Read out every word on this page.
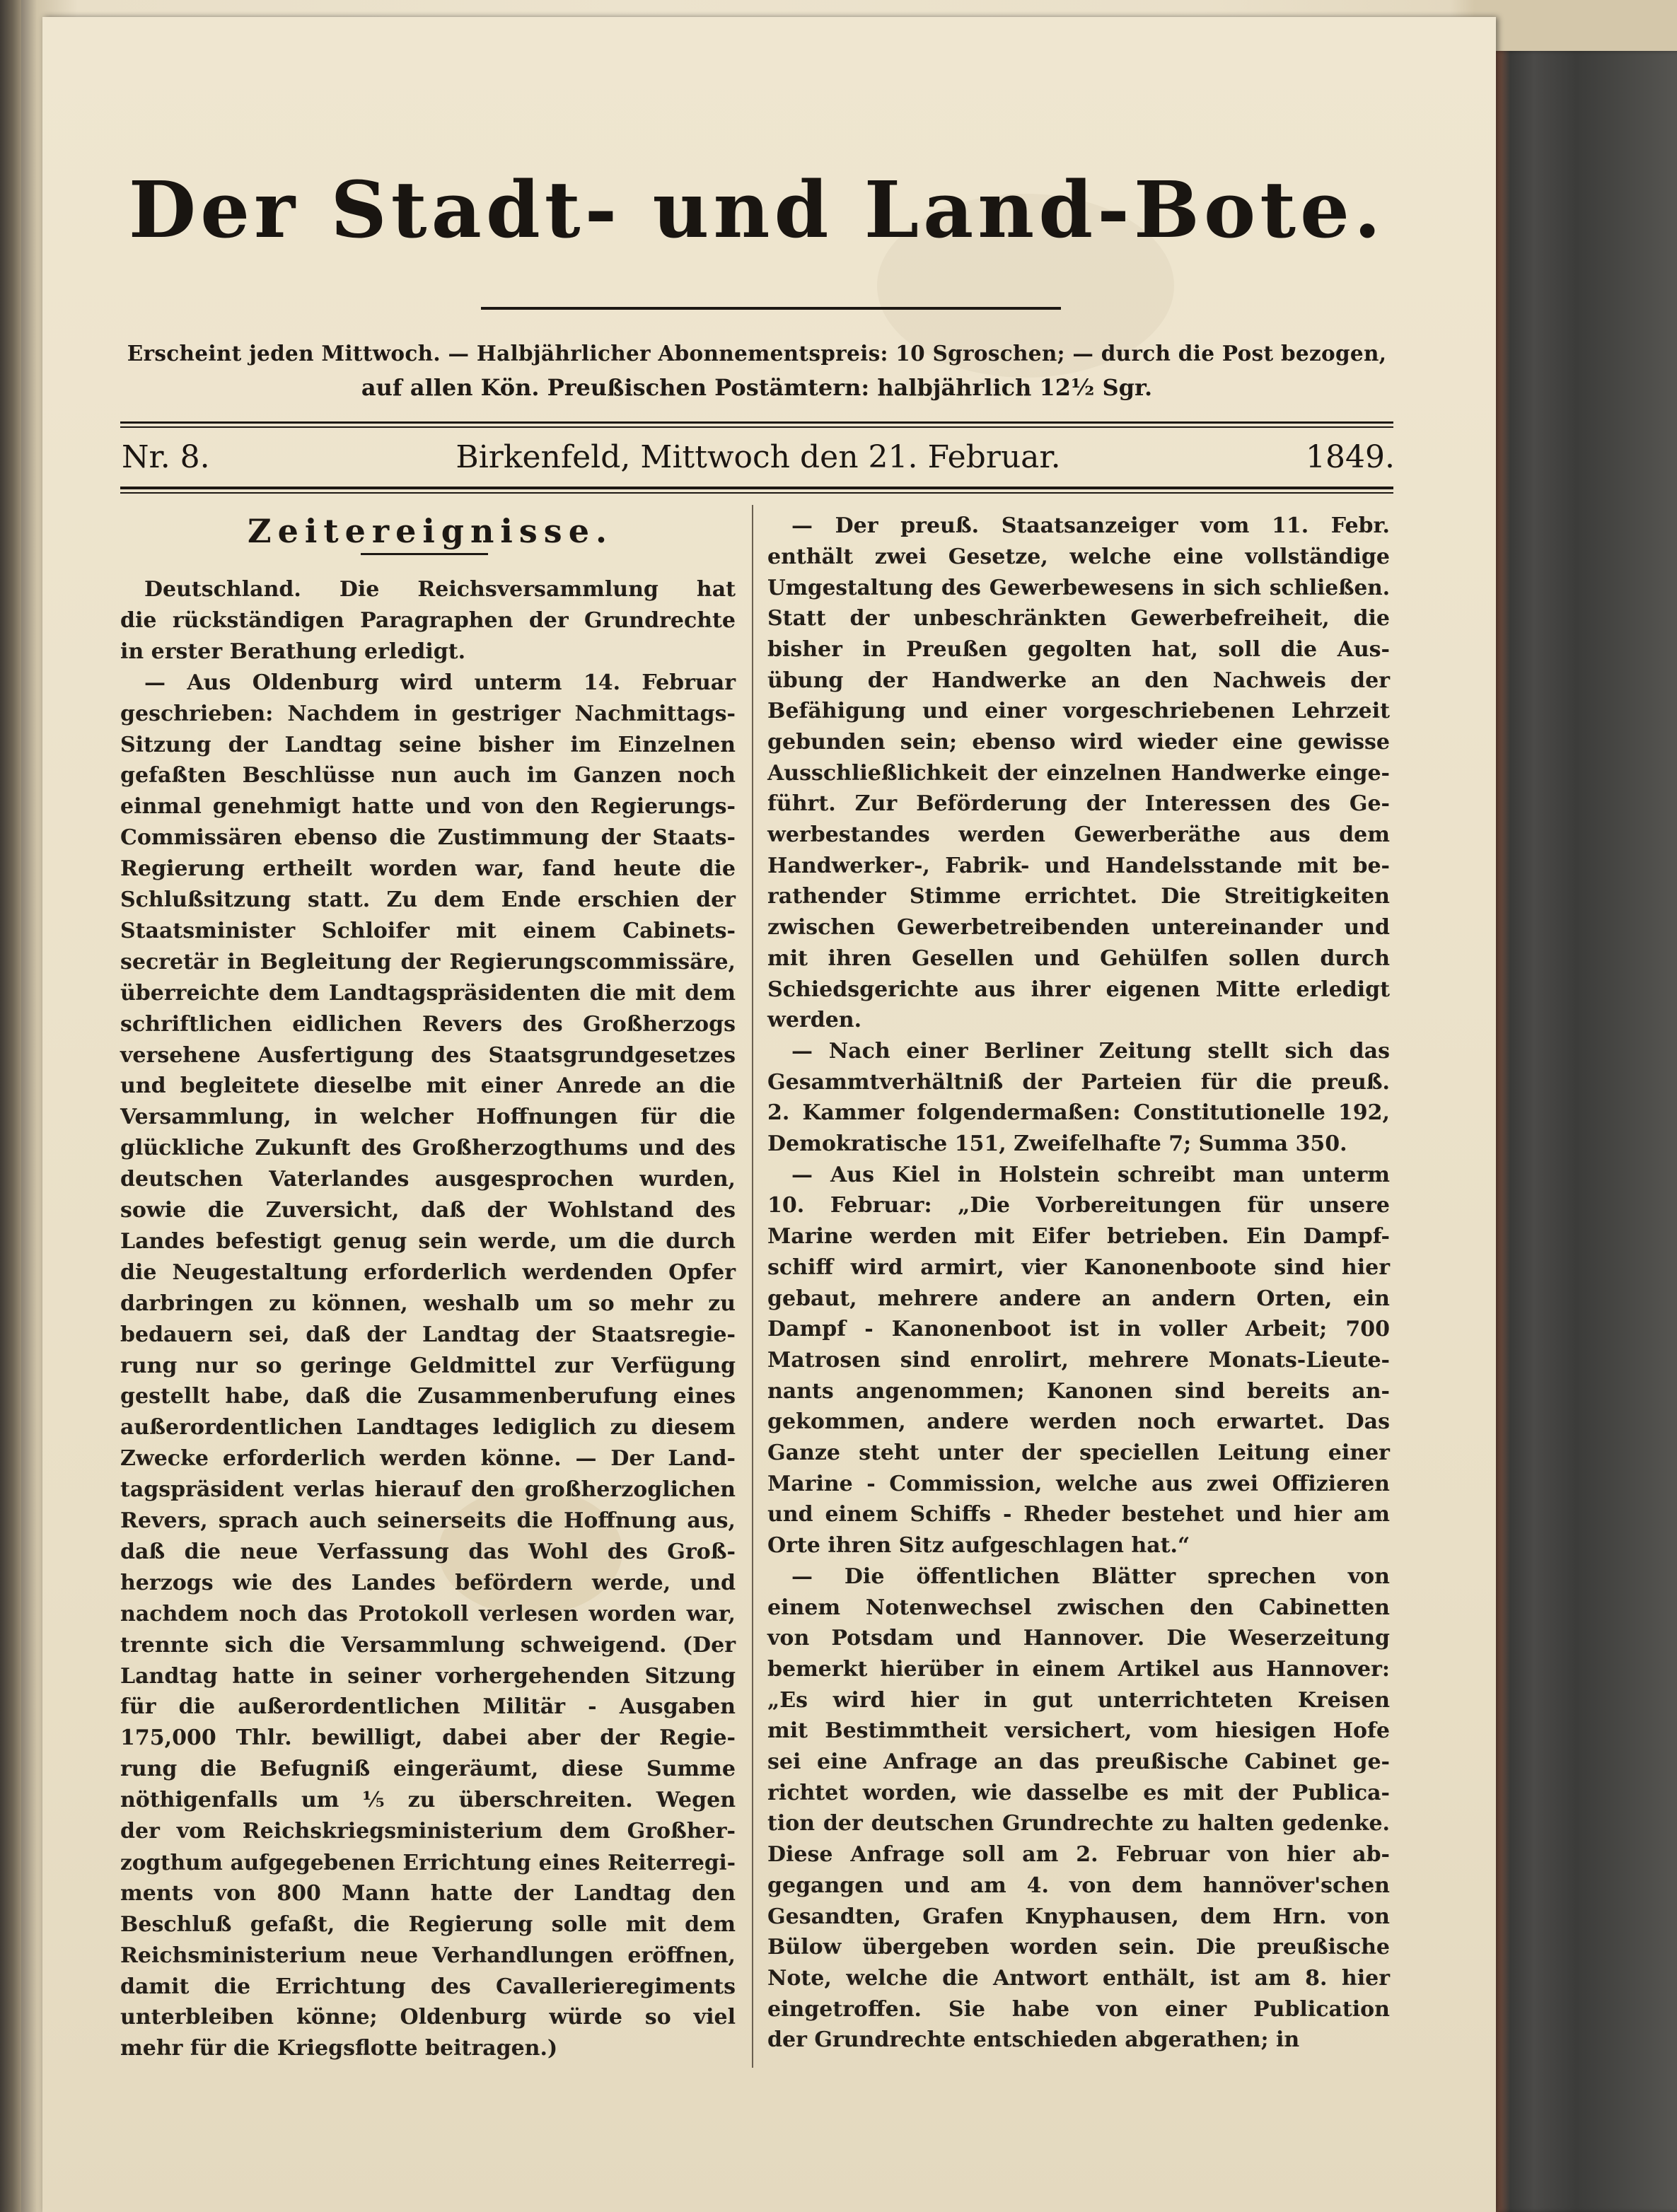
Der Stadt- und Land-Bote.
Erscheint jeden Mittwoch. — Halbjährlicher Abonnementspreis: 10 Sgroschen; — durch die Post bezogen,
auf allen Kön. Preußischen Postämtern: halbjährlich 12½ Sgr.
Nr. 8.	Birkenfeld, Mittwoch den 21. Februar.	1849.
Zeitereignisse.
Deutschland. Die Reichsversammlung hat
die rückständigen Paragraphen der Grundrechte
in erster Berathung erledigt.
— Aus Oldenburg wird unterm 14. Februar
geschrieben: Nachdem in gestriger Nachmittags-
Sitzung der Landtag seine bisher im Einzelnen
gefaßten Beschlüsse nun auch im Ganzen noch
einmal genehmigt hatte und von den Regierungs-
Commissären ebenso die Zustimmung der Staats-
Regierung ertheilt worden war, fand heute die
Schlußsitzung statt. Zu dem Ende erschien der
Staatsminister Schloifer mit einem Cabinets-
secretär in Begleitung der Regierungscommissäre,
überreichte dem Landtagspräsidenten die mit dem
schriftlichen eidlichen Revers des Großherzogs
versehene Ausfertigung des Staatsgrundgesetzes
und begleitete dieselbe mit einer Anrede an die
Versammlung, in welcher Hoffnungen für die
glückliche Zukunft des Großherzogthums und des
deutschen Vaterlandes ausgesprochen wurden,
sowie die Zuversicht, daß der Wohlstand des
Landes befestigt genug sein werde, um die durch
die Neugestaltung erforderlich werdenden Opfer
darbringen zu können, weshalb um so mehr zu
bedauern sei, daß der Landtag der Staatsregie-
rung nur so geringe Geldmittel zur Verfügung
gestellt habe, daß die Zusammenberufung eines
außerordentlichen Landtages lediglich zu diesem
Zwecke erforderlich werden könne. — Der Land-
tagspräsident verlas hierauf den großherzoglichen
Revers, sprach auch seinerseits die Hoffnung aus,
daß die neue Verfassung das Wohl des Groß-
herzogs wie des Landes befördern werde, und
nachdem noch das Protokoll verlesen worden war,
trennte sich die Versammlung schweigend. (Der
Landtag hatte in seiner vorhergehenden Sitzung
für die außerordentlichen Militär - Ausgaben
175,000 Thlr. bewilligt, dabei aber der Regie-
rung die Befugniß eingeräumt, diese Summe
nöthigenfalls um ⅕ zu überschreiten. Wegen
der vom Reichskriegsministerium dem Großher-
zogthum aufgegebenen Errichtung eines Reiterregi-
ments von 800 Mann hatte der Landtag den
Beschluß gefaßt, die Regierung solle mit dem
Reichsministerium neue Verhandlungen eröffnen,
damit die Errichtung des Cavallerieregiments
unterbleiben könne; Oldenburg würde so viel
mehr für die Kriegsflotte beitragen.)
— Der preuß. Staatsanzeiger vom 11. Febr.
enthält zwei Gesetze, welche eine vollständige
Umgestaltung des Gewerbewesens in sich schließen.
Statt der unbeschränkten Gewerbefreiheit, die
bisher in Preußen gegolten hat, soll die Aus-
übung der Handwerke an den Nachweis der
Befähigung und einer vorgeschriebenen Lehrzeit
gebunden sein; ebenso wird wieder eine gewisse
Ausschließlichkeit der einzelnen Handwerke einge-
führt. Zur Beförderung der Interessen des Ge-
werbestandes werden Gewerberäthe aus dem
Handwerker-, Fabrik- und Handelsstande mit be-
rathender Stimme errichtet. Die Streitigkeiten
zwischen Gewerbetreibenden untereinander und
mit ihren Gesellen und Gehülfen sollen durch
Schiedsgerichte aus ihrer eigenen Mitte erledigt
werden.
— Nach einer Berliner Zeitung stellt sich das
Gesammtverhältniß der Parteien für die preuß.
2. Kammer folgendermaßen: Constitutionelle 192,
Demokratische 151, Zweifelhafte 7; Summa 350.
— Aus Kiel in Holstein schreibt man unterm
10. Februar: „Die Vorbereitungen für unsere
Marine werden mit Eifer betrieben. Ein Dampf-
schiff wird armirt, vier Kanonenboote sind hier
gebaut, mehrere andere an andern Orten, ein
Dampf - Kanonenboot ist in voller Arbeit; 700
Matrosen sind enrolirt, mehrere Monats-Lieute-
nants angenommen; Kanonen sind bereits an-
gekommen, andere werden noch erwartet. Das
Ganze steht unter der speciellen Leitung einer
Marine - Commission, welche aus zwei Offizieren
und einem Schiffs - Rheder bestehet und hier am
Orte ihren Sitz aufgeschlagen hat.“
— Die öffentlichen Blätter sprechen von
einem Notenwechsel zwischen den Cabinetten
von Potsdam und Hannover. Die Weserzeitung
bemerkt hierüber in einem Artikel aus Hannover:
„Es wird hier in gut unterrichteten Kreisen
mit Bestimmtheit versichert, vom hiesigen Hofe
sei eine Anfrage an das preußische Cabinet ge-
richtet worden, wie dasselbe es mit der Publica-
tion der deutschen Grundrechte zu halten gedenke.
Diese Anfrage soll am 2. Februar von hier ab-
gegangen und am 4. von dem hannöver'schen
Gesandten, Grafen Knyphausen, dem Hrn. von
Bülow übergeben worden sein. Die preußische
Note, welche die Antwort enthält, ist am 8. hier
eingetroffen. Sie habe von einer Publication
der Grundrechte entschieden abgerathen; in
